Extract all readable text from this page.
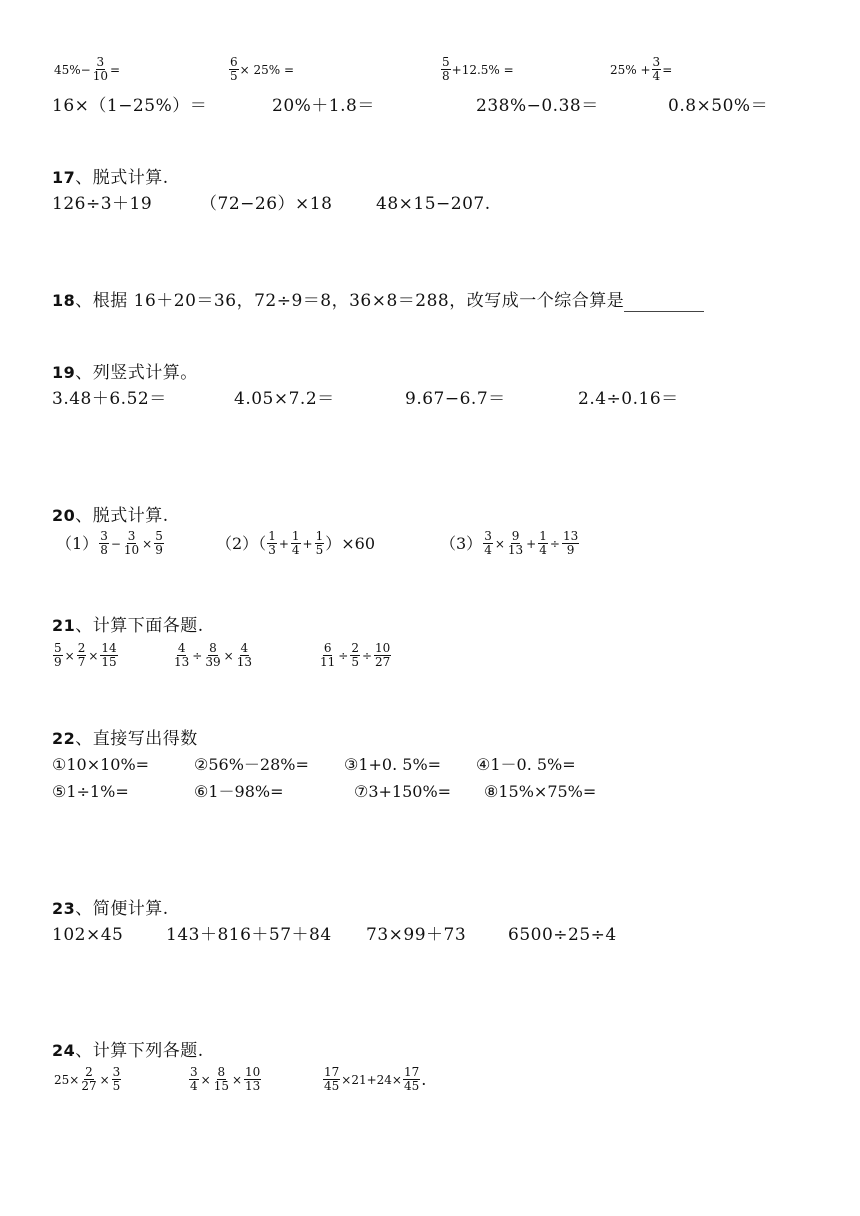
$45\%- \frac{3}{10}$ =	$\frac{6}{5} \times 25\%$ =	$\frac{5}{8} +12.5\%$ =	$25\% + \frac{3}{4}$ =
16×（1−25%）＝	20%＋1.8＝	238%−0.38＝	0.8×50%＝
17、脱式计算.
126÷3＋19	（72−26）×18	48×15−207.
18、根据 16＋20＝36，72÷9＝8，36×8＝288，改写成一个综合算是
19、列竖式计算。
3.48＋6.52＝	4.05×7.2＝	9.67−6.7＝	2.4÷0.16＝
20、脱式计算.
$(1) \frac{3}{8} - \frac{3}{10} \times \frac{5}{9}$	$(2)( \frac{1}{3} + \frac{1}{4} + \frac{1}{5} )\times 60$	$(3) \frac{3}{4} \times \frac{9}{13} + \frac{1}{4} \div \frac{13}{9}$
21、计算下面各题.
$\frac{5}{9} \times \frac{2}{7} \times \frac{14}{15}$	$\frac{4}{13} \div \frac{8}{39} \times \frac{4}{13}$	$\frac{6}{11} \div \frac{2}{5} \div \frac{10}{27}$
22、直接写出得数
①10×10%=	②56%－28%= ③1+0. 5%= ④1－0. 5%=
⑤1÷1%=	⑥1－98%=	⑦3+150%= ⑧15%×75%=
23、简便计算.
102×45	143＋816＋57＋84 73×99＋73 6500÷25÷4
24、计算下列各题.
$25\times \frac{2}{27} \times \frac{3}{5}$	$\frac{3}{4} \times \frac{8}{15} \times \frac{10}{13}$	$\frac{17}{45} \times 21+24\times \frac{17}{45}$ .
